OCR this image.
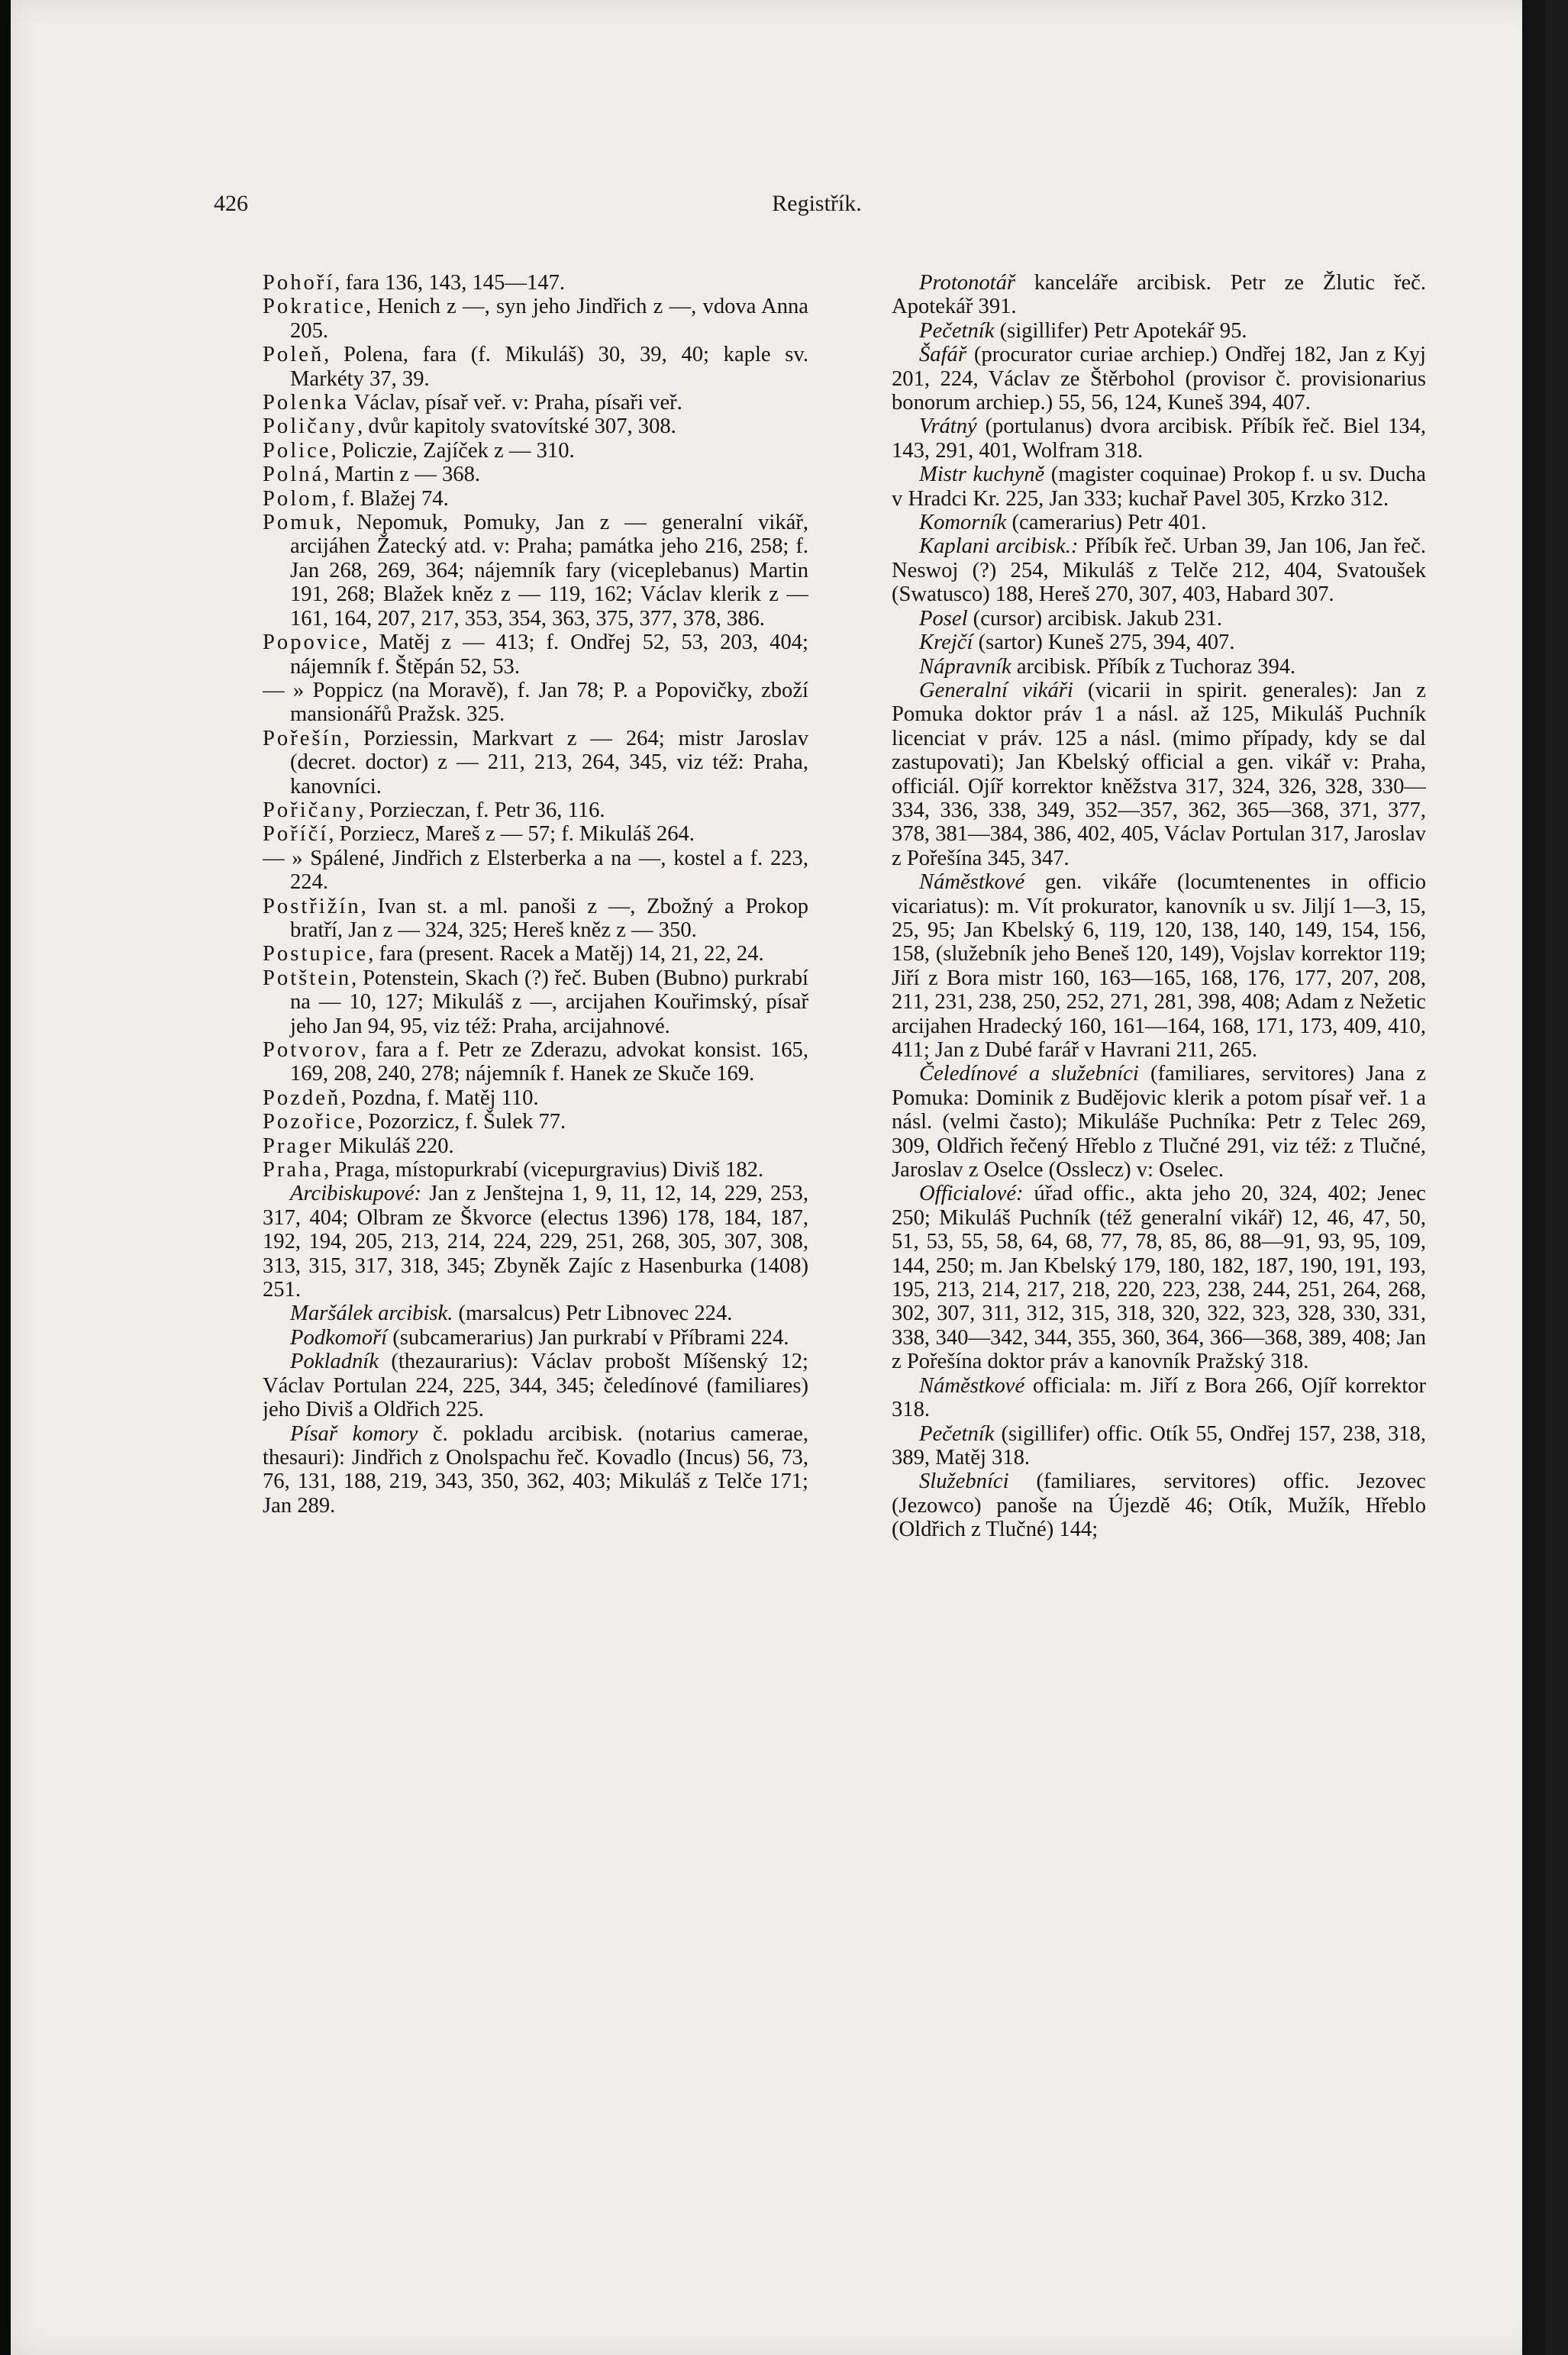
426	Registřík.

Pohoří, fara 136, 143, 145—147.

Pokratice, Henich z —, syn jeho Jindřich z —, vdova Anna 205.

Poleň, Polena, fara (f. Mikuláš) 30, 39, 40; kaple sv. Markéty 37, 39.

Polenka Václav, písař veř. v: Praha, písaři veř.

Poličany, dvůr kapitoly svatovítské 307, 308.

Police, Policzie, Zajíček z — 310.

Polná, Martin z — 368.

Polom, f. Blažej 74.

Pomuk, Nepomuk, Pomuky, Jan z — generalní vikář, arcijáhen Žatecký atd. v: Praha; památka jeho 216, 258; f. Jan 268, 269, 364; nájemník fary (viceplebanus) Martin 191, 268; Blažek kněz z — 119, 162; Václav klerik z — 161, 164, 207, 217, 353, 354, 363, 375, 377, 378, 386.

Popovice, Matěj z — 413; f. Ondřej 52, 53, 203, 404; nájemník f. Štěpán 52, 53.

— » Poppicz (na Moravě), f. Jan 78; P. a Popovičky, zboží mansionářů Pražsk. 325.

Pořešín, Porziessin, Markvart z — 264; mistr Jaroslav (decret. doctor) z — 211, 213, 264, 345, viz též: Praha, kanovníci.

Pořičany, Porzieczan, f. Petr 36, 116.

Poříčí, Porziecz, Mareš z — 57; f. Mikuláš 264.

— » Spálené, Jindřich z Elsterberka a na —, kostel a f. 223, 224.

Postřižín, Ivan st. a ml. panoši z —, Zbožný a Prokop bratří, Jan z — 324, 325; Hereš kněz z — 350.

Postupice, fara (present. Racek a Matěj) 14, 21, 22, 24.

Potštein, Potenstein, Skach (?) řeč. Buben (Bubno) purkrabí na — 10, 127; Mikuláš z —, arcijahen Kouřimský, písař jeho Jan 94, 95, viz též: Praha, arcijahnové.

Potvorov, fara a f. Petr ze Zderazu, advokat konsist. 165, 169, 208, 240, 278; nájemník f. Hanek ze Skuče 169.

Pozdeň, Pozdna, f. Matěj 110.

Pozořice, Pozorzicz, f. Šulek 77.

Prager Mikuláš 220.

Praha, Praga, místopurkrabí (vicepurgravius) Diviš 182.

Arcibiskupové: Jan z Jenštejna 1, 9, 11, 12, 14, 229, 253, 317, 404; Olbram ze Škvorce (electus 1396) 178, 184, 187, 192, 194, 205, 213, 214, 224, 229, 251, 268, 305, 307, 308, 313, 315, 317, 318, 345; Zbyněk Zajíc z Hasenburka (1408) 251.

Maršálek arcibisk. (marsalcus) Petr Libnovec 224.

Podkomoří (subcamerarius) Jan purkrabí v Příbrami 224.

Pokladník (thezaurarius): Václav probošt Míšenský 12; Václav Portulan 224, 225, 344, 345; čeledínové (familiares) jeho Diviš a Oldřich 225.

Písař komory č. pokladu arcibisk. (notarius camerae, thesauri): Jindřich z Onolspachu řeč. Kovadlo (Incus) 56, 73, 76, 131, 188, 219, 343, 350, 362, 403; Mikuláš z Telče 171; Jan 289.

Protonotář kanceláře arcibisk. Petr ze Žlutic řeč. Apotekář 391.

Pečetník (sigillifer) Petr Apotekář 95.

Šafář (procurator curiae archiep.) Ondřej 182, Jan z Kyj 201, 224, Václav ze Štěrbohol (provisor č. provisionarius bonorum archiep.) 55, 56, 124, Kuneš 394, 407.

Vrátný (portulanus) dvora arcibisk. Příbík řeč. Biel 134, 143, 291, 401, Wolfram 318.

Mistr kuchyně (magister coquinae) Prokop f. u sv. Ducha v Hradci Kr. 225, Jan 333; kuchař Pavel 305, Krzko 312.

Komorník (camerarius) Petr 401.

Kaplani arcibisk.: Příbík řeč. Urban 39, Jan 106, Jan řeč. Neswoj (?) 254, Mikuláš z Telče 212, 404, Svatoušek (Swatusco) 188, Hereš 270, 307, 403, Habard 307.

Posel (cursor) arcibisk. Jakub 231.

Krejčí (sartor) Kuneš 275, 394, 407.

Nápravník arcibisk. Příbík z Tuchoraz 394.

Generalní vikáři (vicarii in spirit. generales): Jan z Pomuka doktor práv 1 a násl. až 125, Mikuláš Puchník licenciat v práv. 125 a násl. (mimo případy, kdy se dal zastupovati); Jan Kbelský official a gen. vikář v: Praha, officiál. Ojíř korrektor kněžstva 317, 324, 326, 328, 330—334, 336, 338, 349, 352—357, 362, 365—368, 371, 377, 378, 381—384, 386, 402, 405, Václav Portulan 317, Jaroslav z Pořešína 345, 347.

Náměstkové gen. vikáře (locumtenentes in officio vicariatus): m. Vít prokurator, kanovník u sv. Jiljí 1—3, 15, 25, 95; Jan Kbelský 6, 119, 120, 138, 140, 149, 154, 156, 158, (služebník jeho Beneš 120, 149), Vojslav korrektor 119; Jiří z Bora mistr 160, 163—165, 168, 176, 177, 207, 208, 211, 231, 238, 250, 252, 271, 281, 398, 408; Adam z Nežetic arcijahen Hradecký 160, 161—164, 168, 171, 173, 409, 410, 411; Jan z Dubé farář v Havrani 211, 265.

Čeledínové a služebníci (familiares, servitores) Jana z Pomuka: Dominik z Budějovic klerik a potom písař veř. 1 a násl. (velmi často); Mikuláše Puchníka: Petr z Telec 269, 309, Oldřich řečený Hřeblo z Tlučné 291, viz též: z Tlučné, Jaroslav z Oselce (Osslecz) v: Oselec.

Officialové: úřad offic., akta jeho 20, 324, 402; Jenec 250; Mikuláš Puchník (též generalní vikář) 12, 46, 47, 50, 51, 53, 55, 58, 64, 68, 77, 78, 85, 86, 88—91, 93, 95, 109, 144, 250; m. Jan Kbelský 179, 180, 182, 187, 190, 191, 193, 195, 213, 214, 217, 218, 220, 223, 238, 244, 251, 264, 268, 302, 307, 311, 312, 315, 318, 320, 322, 323, 328, 330, 331, 338, 340—342, 344, 355, 360, 364, 366—368, 389, 408; Jan z Pořešína doktor práv a kanovník Pražský 318.

Náměstkové officiala: m. Jiří z Bora 266, Ojíř korrektor 318.

Pečetník (sigillifer) offic. Otík 55, Ondřej 157, 238, 318, 389, Matěj 318.

Služebníci (familiares, servitores) offic. Jezovec (Jezowco) panoše na Újezdě 46; Otík, Mužík, Hřeblo (Oldřich z Tlučné) 144;
